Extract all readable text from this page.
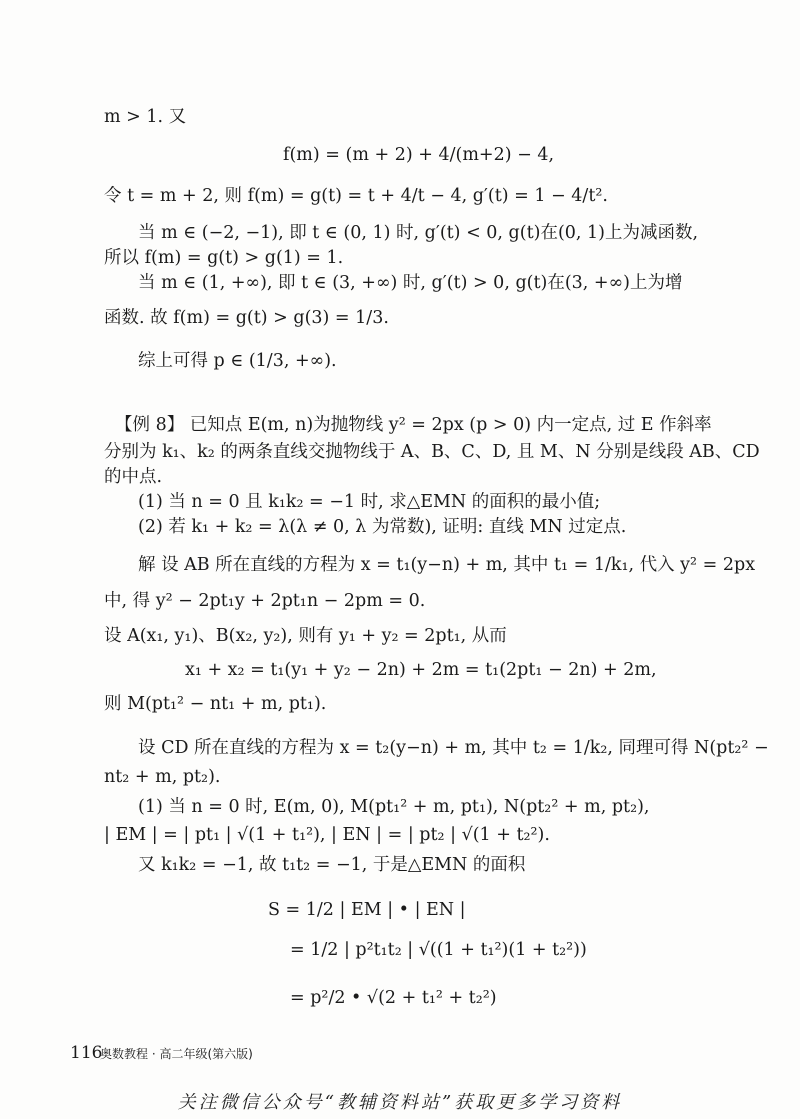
m > 1. 又
f(m) = (m + 2) + 4/(m+2) − 4,
令 t = m + 2, 则 f(m) = g(t) = t + 4/t − 4, g′(t) = 1 − 4/t².
当 m ∈ (−2, −1), 即 t ∈ (0, 1) 时, g′(t) < 0, g(t)在(0, 1)上为减函数,
所以 f(m) = g(t) > g(1) = 1.
当 m ∈ (1, +∞), 即 t ∈ (3, +∞) 时, g′(t) > 0, g(t)在(3, +∞)上为增
函数. 故 f(m) = g(t) > g(3) = 1/3.
综上可得 p ∈ (1/3, +∞).
【例 8】 已知点 E(m, n)为抛物线 y² = 2px (p > 0) 内一定点, 过 E 作斜率
分别为 k₁、k₂ 的两条直线交抛物线于 A、B、C、D, 且 M、N 分别是线段 AB、CD
的中点.
(1) 当 n = 0 且 k₁k₂ = −1 时, 求△EMN 的面积的最小值;
(2) 若 k₁ + k₂ = λ(λ ≠ 0, λ 为常数), 证明: 直线 MN 过定点.
解 设 AB 所在直线的方程为 x = t₁(y−n) + m, 其中 t₁ = 1/k₁, 代入 y² = 2px
中, 得 y² − 2pt₁y + 2pt₁n − 2pm = 0.
设 A(x₁, y₁)、B(x₂, y₂), 则有 y₁ + y₂ = 2pt₁, 从而
x₁ + x₂ = t₁(y₁ + y₂ − 2n) + 2m = t₁(2pt₁ − 2n) + 2m,
则 M(pt₁² − nt₁ + m, pt₁).
设 CD 所在直线的方程为 x = t₂(y−n) + m, 其中 t₂ = 1/k₂, 同理可得 N(pt₂² −
nt₂ + m, pt₂).
(1) 当 n = 0 时, E(m, 0), M(pt₁² + m, pt₁), N(pt₂² + m, pt₂),
| EM | = | pt₁ | √(1 + t₁²), | EN | = | pt₂ | √(1 + t₂²).
又 k₁k₂ = −1, 故 t₁t₂ = −1, 于是△EMN 的面积
S = 1/2 | EM | • | EN |
= 1/2 | p²t₁t₂ | √((1 + t₁²)(1 + t₂²))
= p²/2 • √(2 + t₁² + t₂²)
116
奥数教程 · 高二年级(第六版)
关注微信公众号“教辅资料站”获取更多学习资料
